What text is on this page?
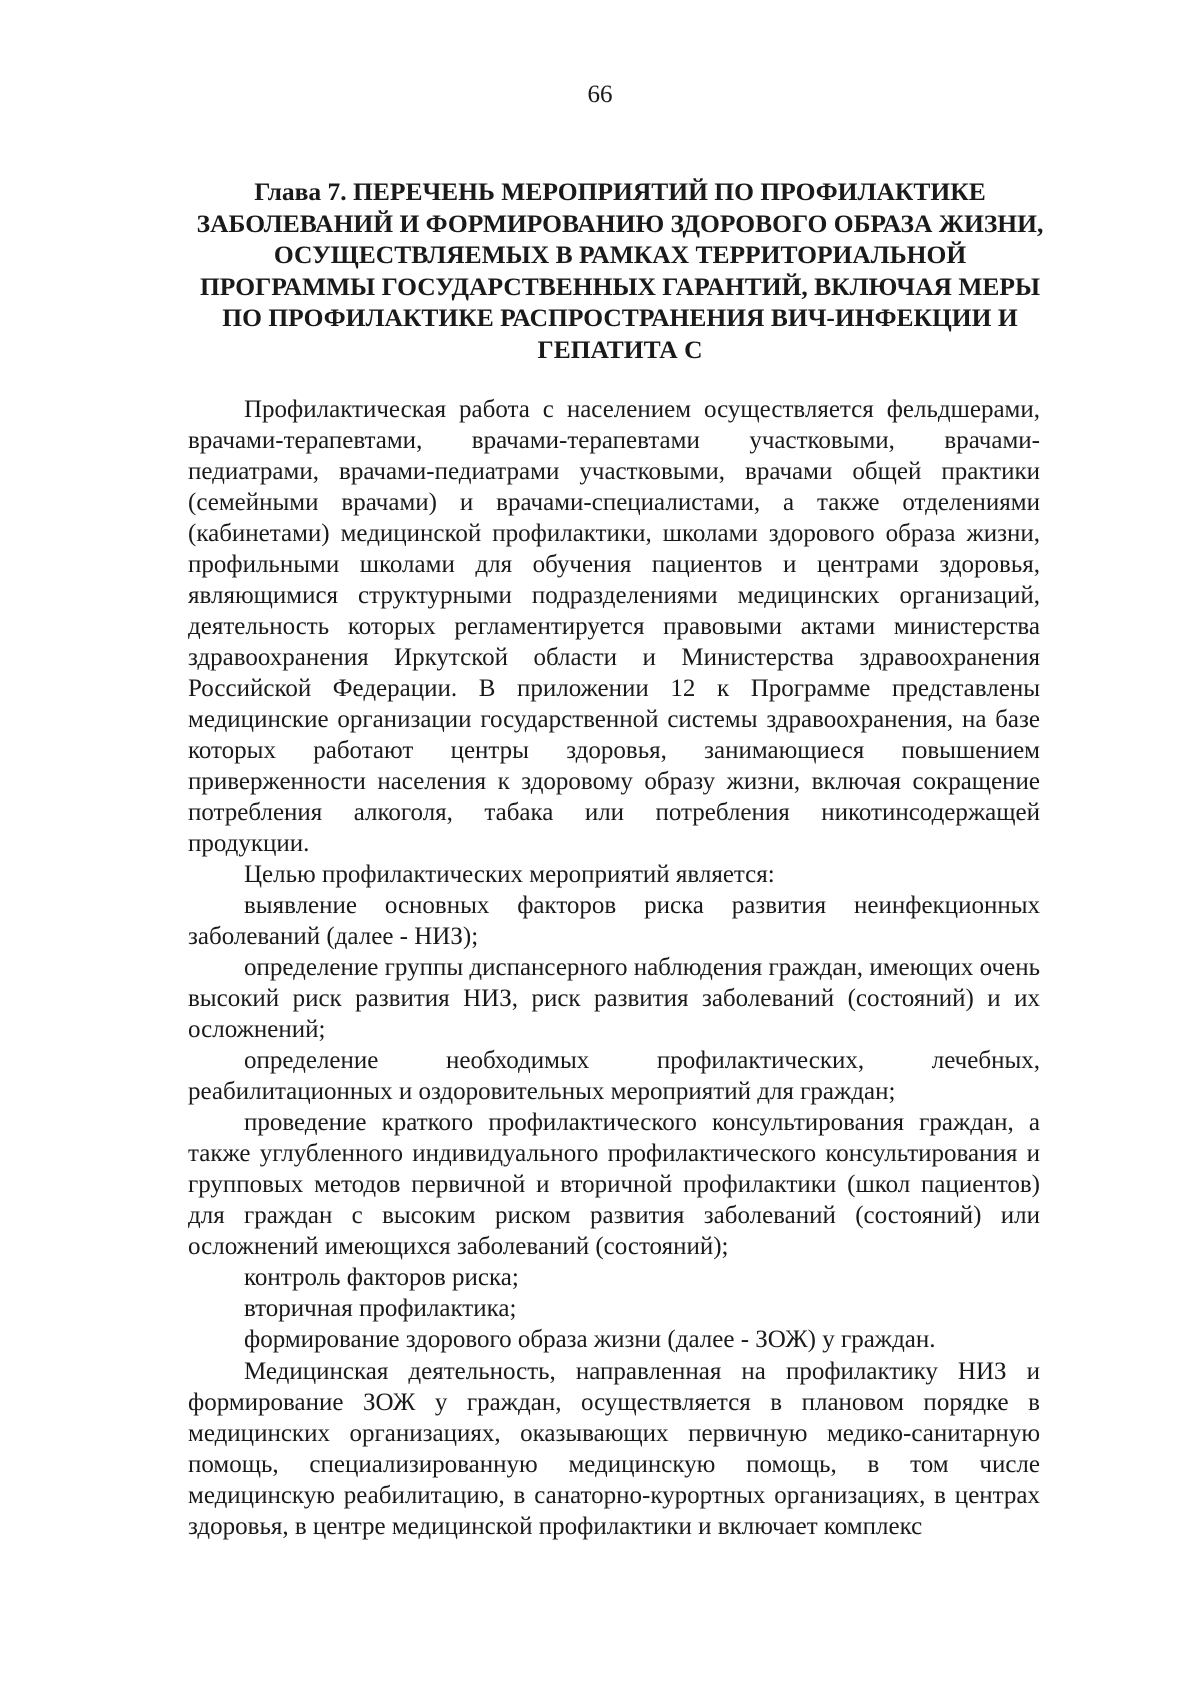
66
Глава 7. ПЕРЕЧЕНЬ МЕРОПРИЯТИЙ ПО ПРОФИЛАКТИКЕ
ЗАБОЛЕВАНИЙ И ФОРМИРОВАНИЮ ЗДОРОВОГО ОБРАЗА ЖИЗНИ,
ОСУЩЕСТВЛЯЕМЫХ В РАМКАХ ТЕРРИТОРИАЛЬНОЙ
ПРОГРАММЫ ГОСУДАРСТВЕННЫХ ГАРАНТИЙ, ВКЛЮЧАЯ МЕРЫ
ПО ПРОФИЛАКТИКЕ РАСПРОСТРАНЕНИЯ ВИЧ-ИНФЕКЦИИ И
ГЕПАТИТА С

Профилактическая работа с населением осуществляется фельдшерами, врачами-терапевтами, врачами-терапевтами участковыми, врачами-педиатрами, врачами-педиатрами участковыми, врачами общей практики (семейными врачами) и врачами-специалистами, а также отделениями (кабинетами) медицинской профилактики, школами здорового образа жизни, профильными школами для обучения пациентов и центрами здоровья, являющимися структурными подразделениями медицинских организаций, деятельность которых регламентируется правовыми актами министерства здравоохранения Иркутской области и Министерства здравоохранения Российской Федерации. В приложении 12 к Программе представлены медицинские организации государственной системы здравоохранения, на базе которых работают центры здоровья, занимающиеся повышением приверженности населения к здоровому образу жизни, включая сокращение потребления алкоголя, табака или потребления никотинсодержащей продукции.

Целью профилактических мероприятий является:

выявление основных факторов риска развития неинфекционных заболеваний (далее - НИЗ);

определение группы диспансерного наблюдения граждан, имеющих очень высокий риск развития НИЗ, риск развития заболеваний (состояний) и их осложнений;

определение необходимых профилактических, лечебных, реабилитационных и оздоровительных мероприятий для граждан;

проведение краткого профилактического консультирования граждан, а также углубленного индивидуального профилактического консультирования и групповых методов первичной и вторичной профилактики (школ пациентов) для граждан с высоким риском развития заболеваний (состояний) или осложнений имеющихся заболеваний (состояний);

контроль факторов риска;

вторичная профилактика;

формирование здорового образа жизни (далее - ЗОЖ) у граждан.

Медицинская деятельность, направленная на профилактику НИЗ и формирование ЗОЖ у граждан, осуществляется в плановом порядке в медицинских организациях, оказывающих первичную медико-санитарную помощь, специализированную медицинскую помощь, в том числе медицинскую реабилитацию, в санаторно-курортных организациях, в центрах здоровья, в центре медицинской профилактики и включает комплекс
